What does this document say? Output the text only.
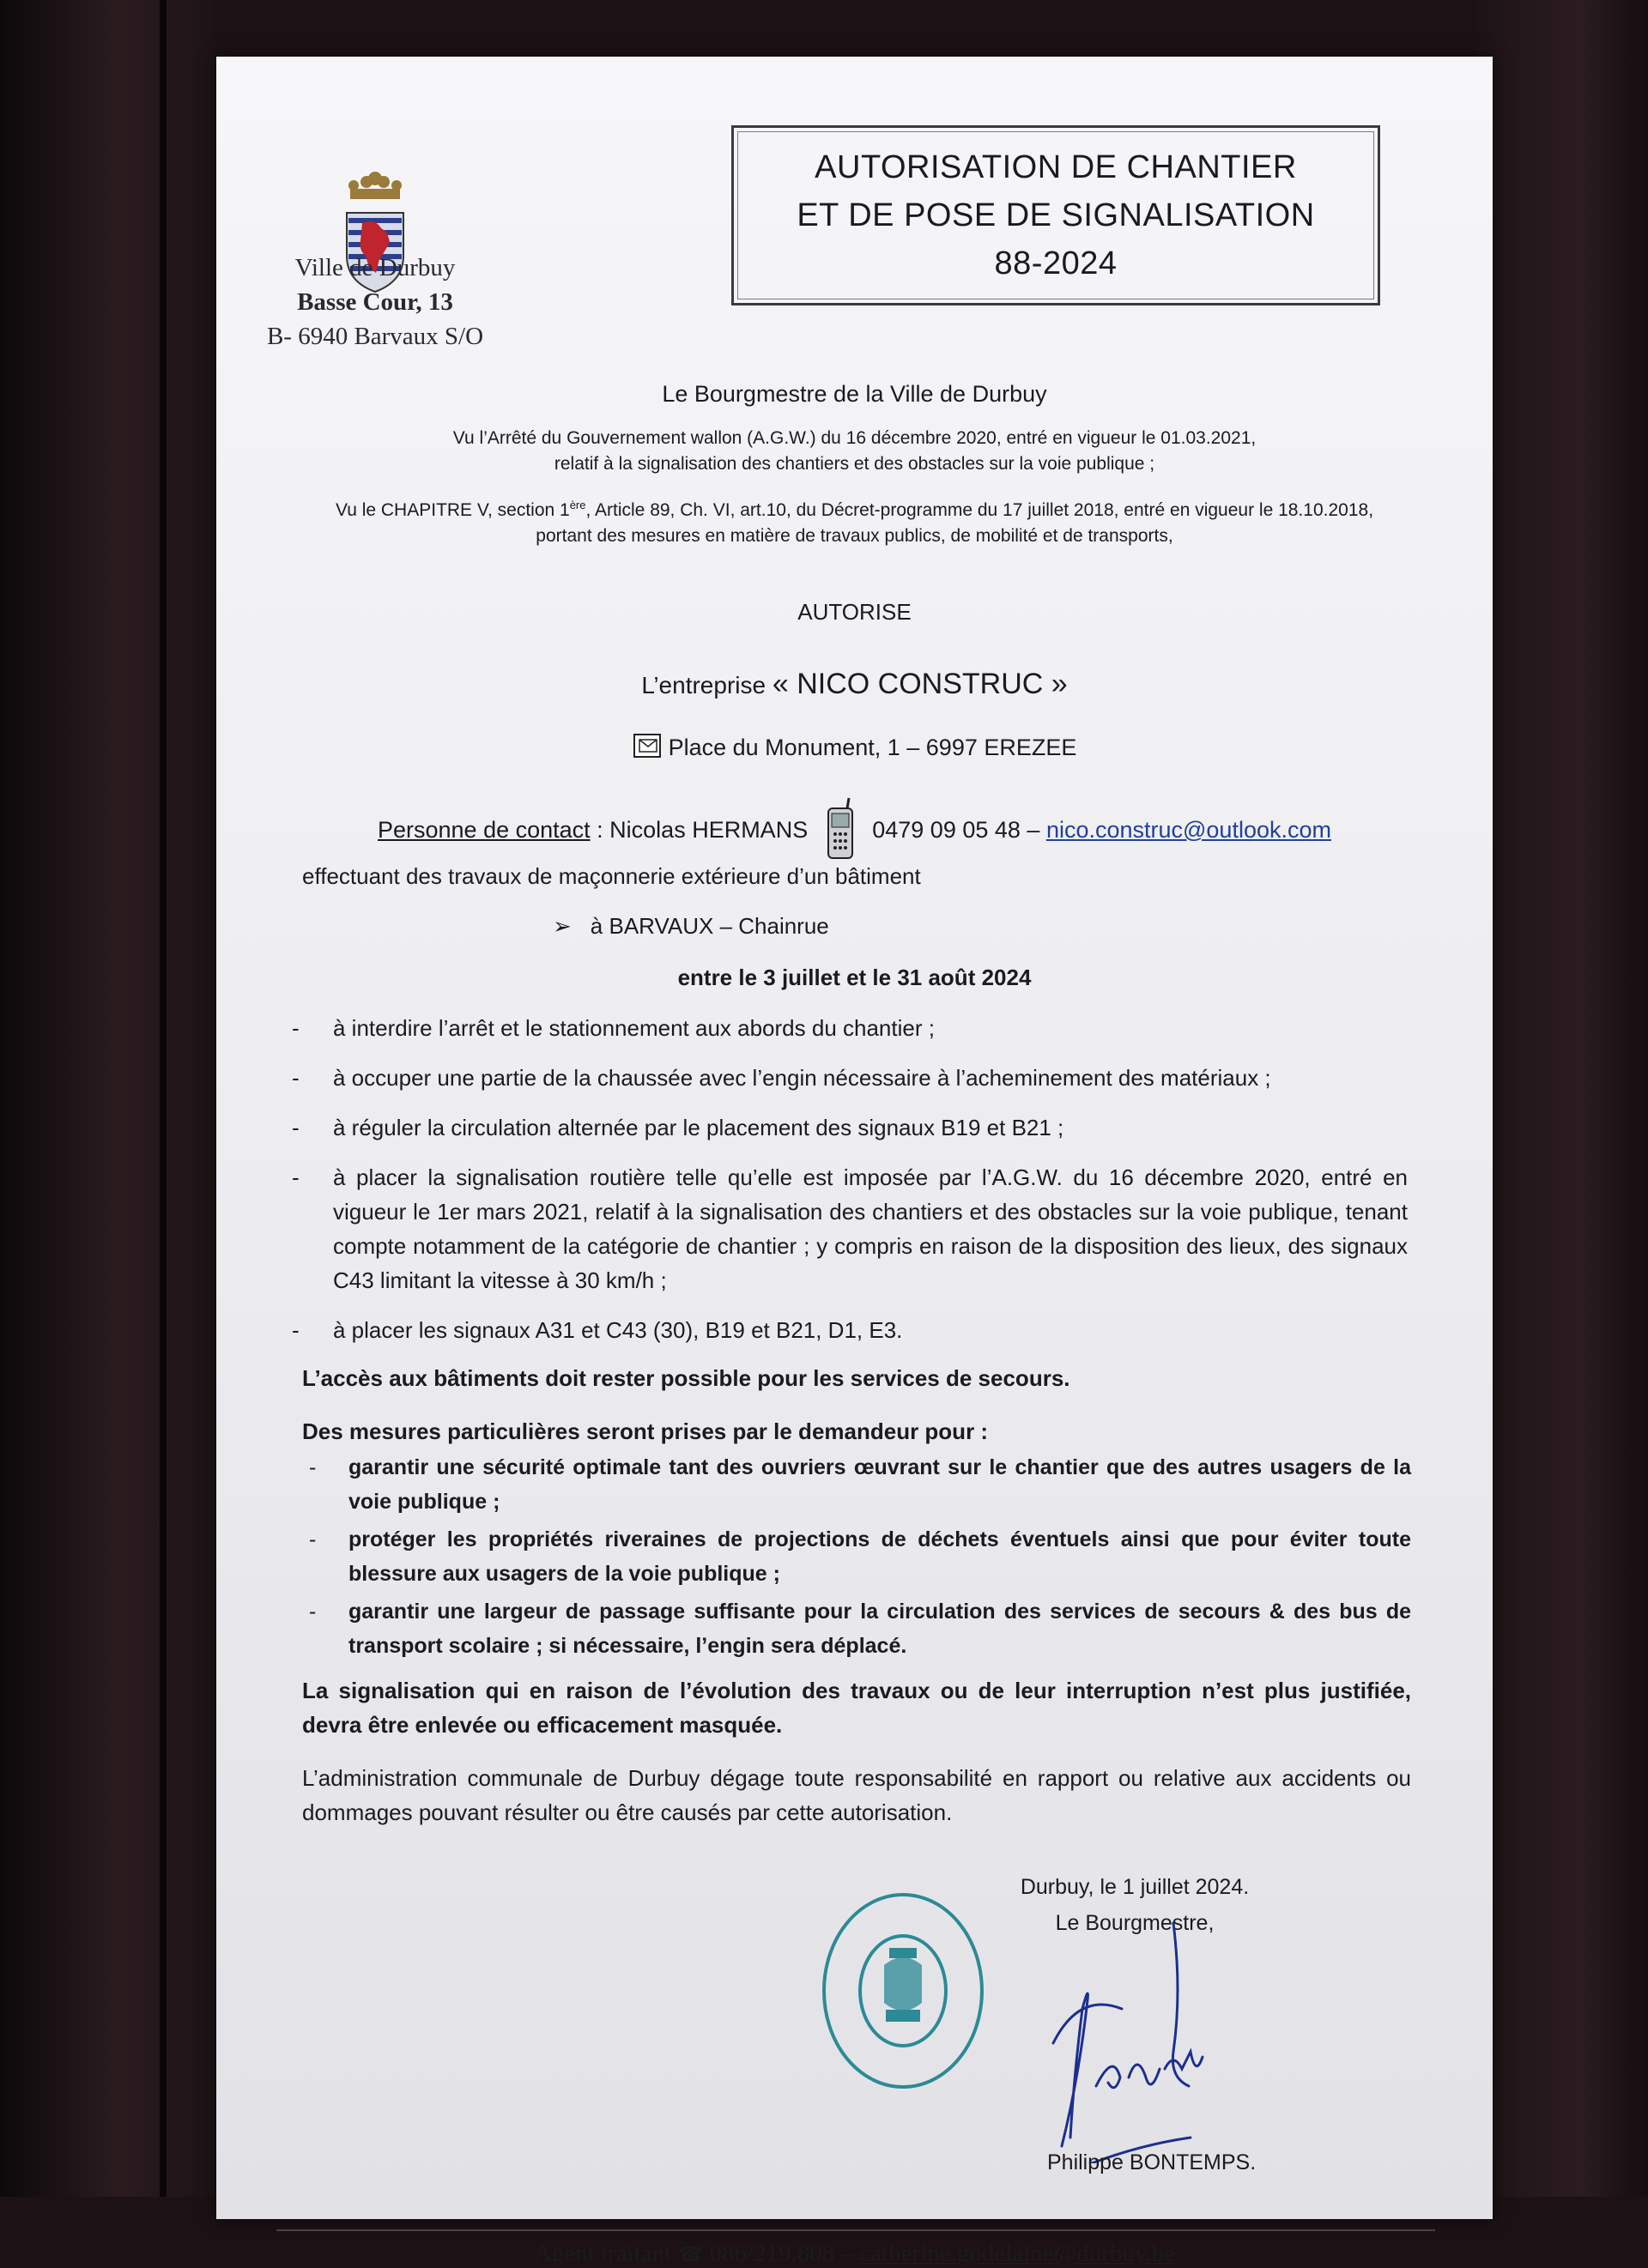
Ville de Durbuy
Basse Cour, 13
B- 6940 Barvaux S/O
AUTORISATION DE CHANTIER
ET DE POSE DE SIGNALISATION
88-2024
Le Bourgmestre de la Ville de Durbuy
Vu l’Arrêté du Gouvernement wallon (A.G.W.) du 16 décembre 2020, entré en vigueur le 01.03.2021,
relatif à la signalisation des chantiers et des obstacles sur la voie publique ;
Vu le CHAPITRE V, section 1ère, Article 89, Ch. VI, art.10, du Décret-programme du 17 juillet 2018, entré en vigueur le 18.10.2018,
portant des mesures en matière de travaux publics, de mobilité et de transports,
AUTORISE
L’entreprise « NICO CONSTRUC »
Place du Monument, 1 – 6997 EREZEE
Personne de contact : Nicolas HERMANS	0479 09 05 48 – nico.construc@outlook.com
effectuant des travaux de maçonnerie extérieure d’un bâtiment
➢ à BARVAUX – Chainrue
entre le 3 juillet et le 31 août 2024
- à interdire l’arrêt et le stationnement aux abords du chantier ;
- à occuper une partie de la chaussée avec l’engin nécessaire à l’acheminement des matériaux ;
- à réguler la circulation alternée par le placement des signaux B19 et B21 ;
- à placer la signalisation routière telle qu’elle est imposée par l’A.G.W. du 16 décembre 2020, entré en vigueur le 1er mars 2021, relatif à la signalisation des chantiers et des obstacles sur la voie publique, tenant compte notamment de la catégorie de chantier ; y compris en raison de la disposition des lieux, des signaux C43 limitant la vitesse à 30 km/h ;
- à placer les signaux A31 et C43 (30), B19 et B21, D1, E3.
L’accès aux bâtiments doit rester possible pour les services de secours.
Des mesures particulières seront prises par le demandeur pour :
- garantir une sécurité optimale tant des ouvriers œuvrant sur le chantier que des autres usagers de la voie publique ;
- protéger les propriétés riveraines de projections de déchets éventuels ainsi que pour éviter toute blessure aux usagers de la voie publique ;
- garantir une largeur de passage suffisante pour la circulation des services de secours & des bus de transport scolaire ; si nécessaire, l’engin sera déplacé.
La signalisation qui en raison de l’évolution des travaux ou de leur interruption n’est plus justifiée, devra être enlevée ou efficacement masquée.
L’administration communale de Durbuy dégage toute responsabilité en rapport ou relative aux accidents ou dommages pouvant résulter ou être causés par cette autorisation.
Durbuy, le 1 juillet 2024.
Le Bourgmestre,
Philippe BONTEMPS.
Agent traitant ☎ 086/219.808 – catherine.godelaine@durbuy.be
